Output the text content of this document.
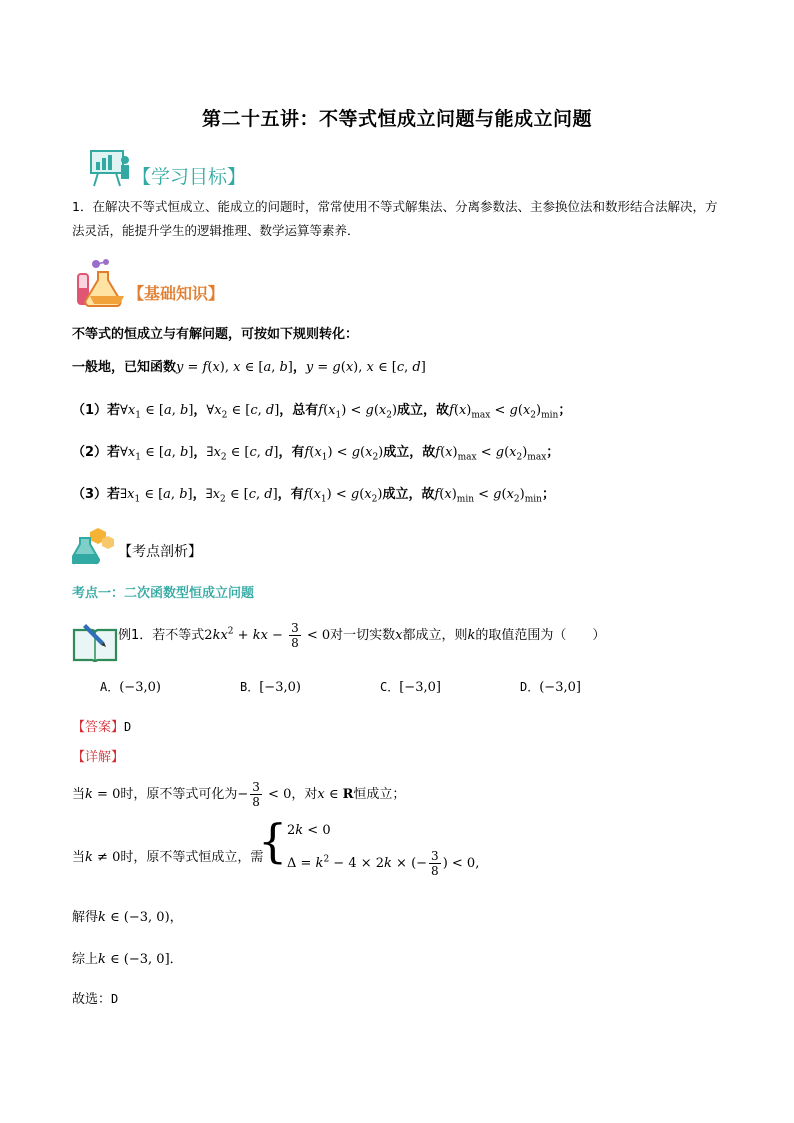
第二十五讲：不等式恒成立问题与能成立问题
【学习目标】
1．在解决不等式恒成立、能成立的问题时，常常使用不等式解集法、分离参数法、主参换位法和数形结合法解决，方法灵活，能提升学生的逻辑推理、数学运算等素养．
【基础知识】
不等式的恒成立与有解问题，可按如下规则转化：
一般地，已知函数y = f(x), x ∈ [a, b]，y = g(x), x ∈ [c, d]
（1）若$\forall x_1$ ∈ [a, b]，$\forall x_2$ ∈ [c, d]，总有$f(x_1) < g(x_2)$成立，故$f(x)_{max} < g(x_2)_{min}$；
（2）若$\forall x_1$ ∈ [a, b]，$\exists x_2$ ∈ [c, d]，有$f(x_1) < g(x_2)$成立，故$f(x)_{max} < g(x_2)_{max}$；
（3）若$\exists x_1$ ∈ [a, b]，$\exists x_2$ ∈ [c, d]，有$f(x_1) < g(x_2)$成立，故$f(x)_{min} < g(x_2)_{min}$；
【考点剖析】
考点一：二次函数型恒成立问题
例1．若不等式$2kx^2$ + kx − $\frac{3}{8} < 0$对一切实数x都成立，则k的取值范围为（　　）
A．(−3,0)	B．[−3,0)	C．[−3,0]	D．(−3,0]
【答案】D
【详解】
当k = 0时，原不等式可化为− $\frac{3}{8} < 0$，对x ∈ R恒成立；
当k ≠ 0时，原不等式恒成立，需
{ 2k < 0
$\Delta = k^2 - 4 \times 2k$ × (− $\frac{3}{8}$ ) < 0,
解得k ∈ (−3, 0)，
综上k ∈ (−3, 0]．
故选：D
